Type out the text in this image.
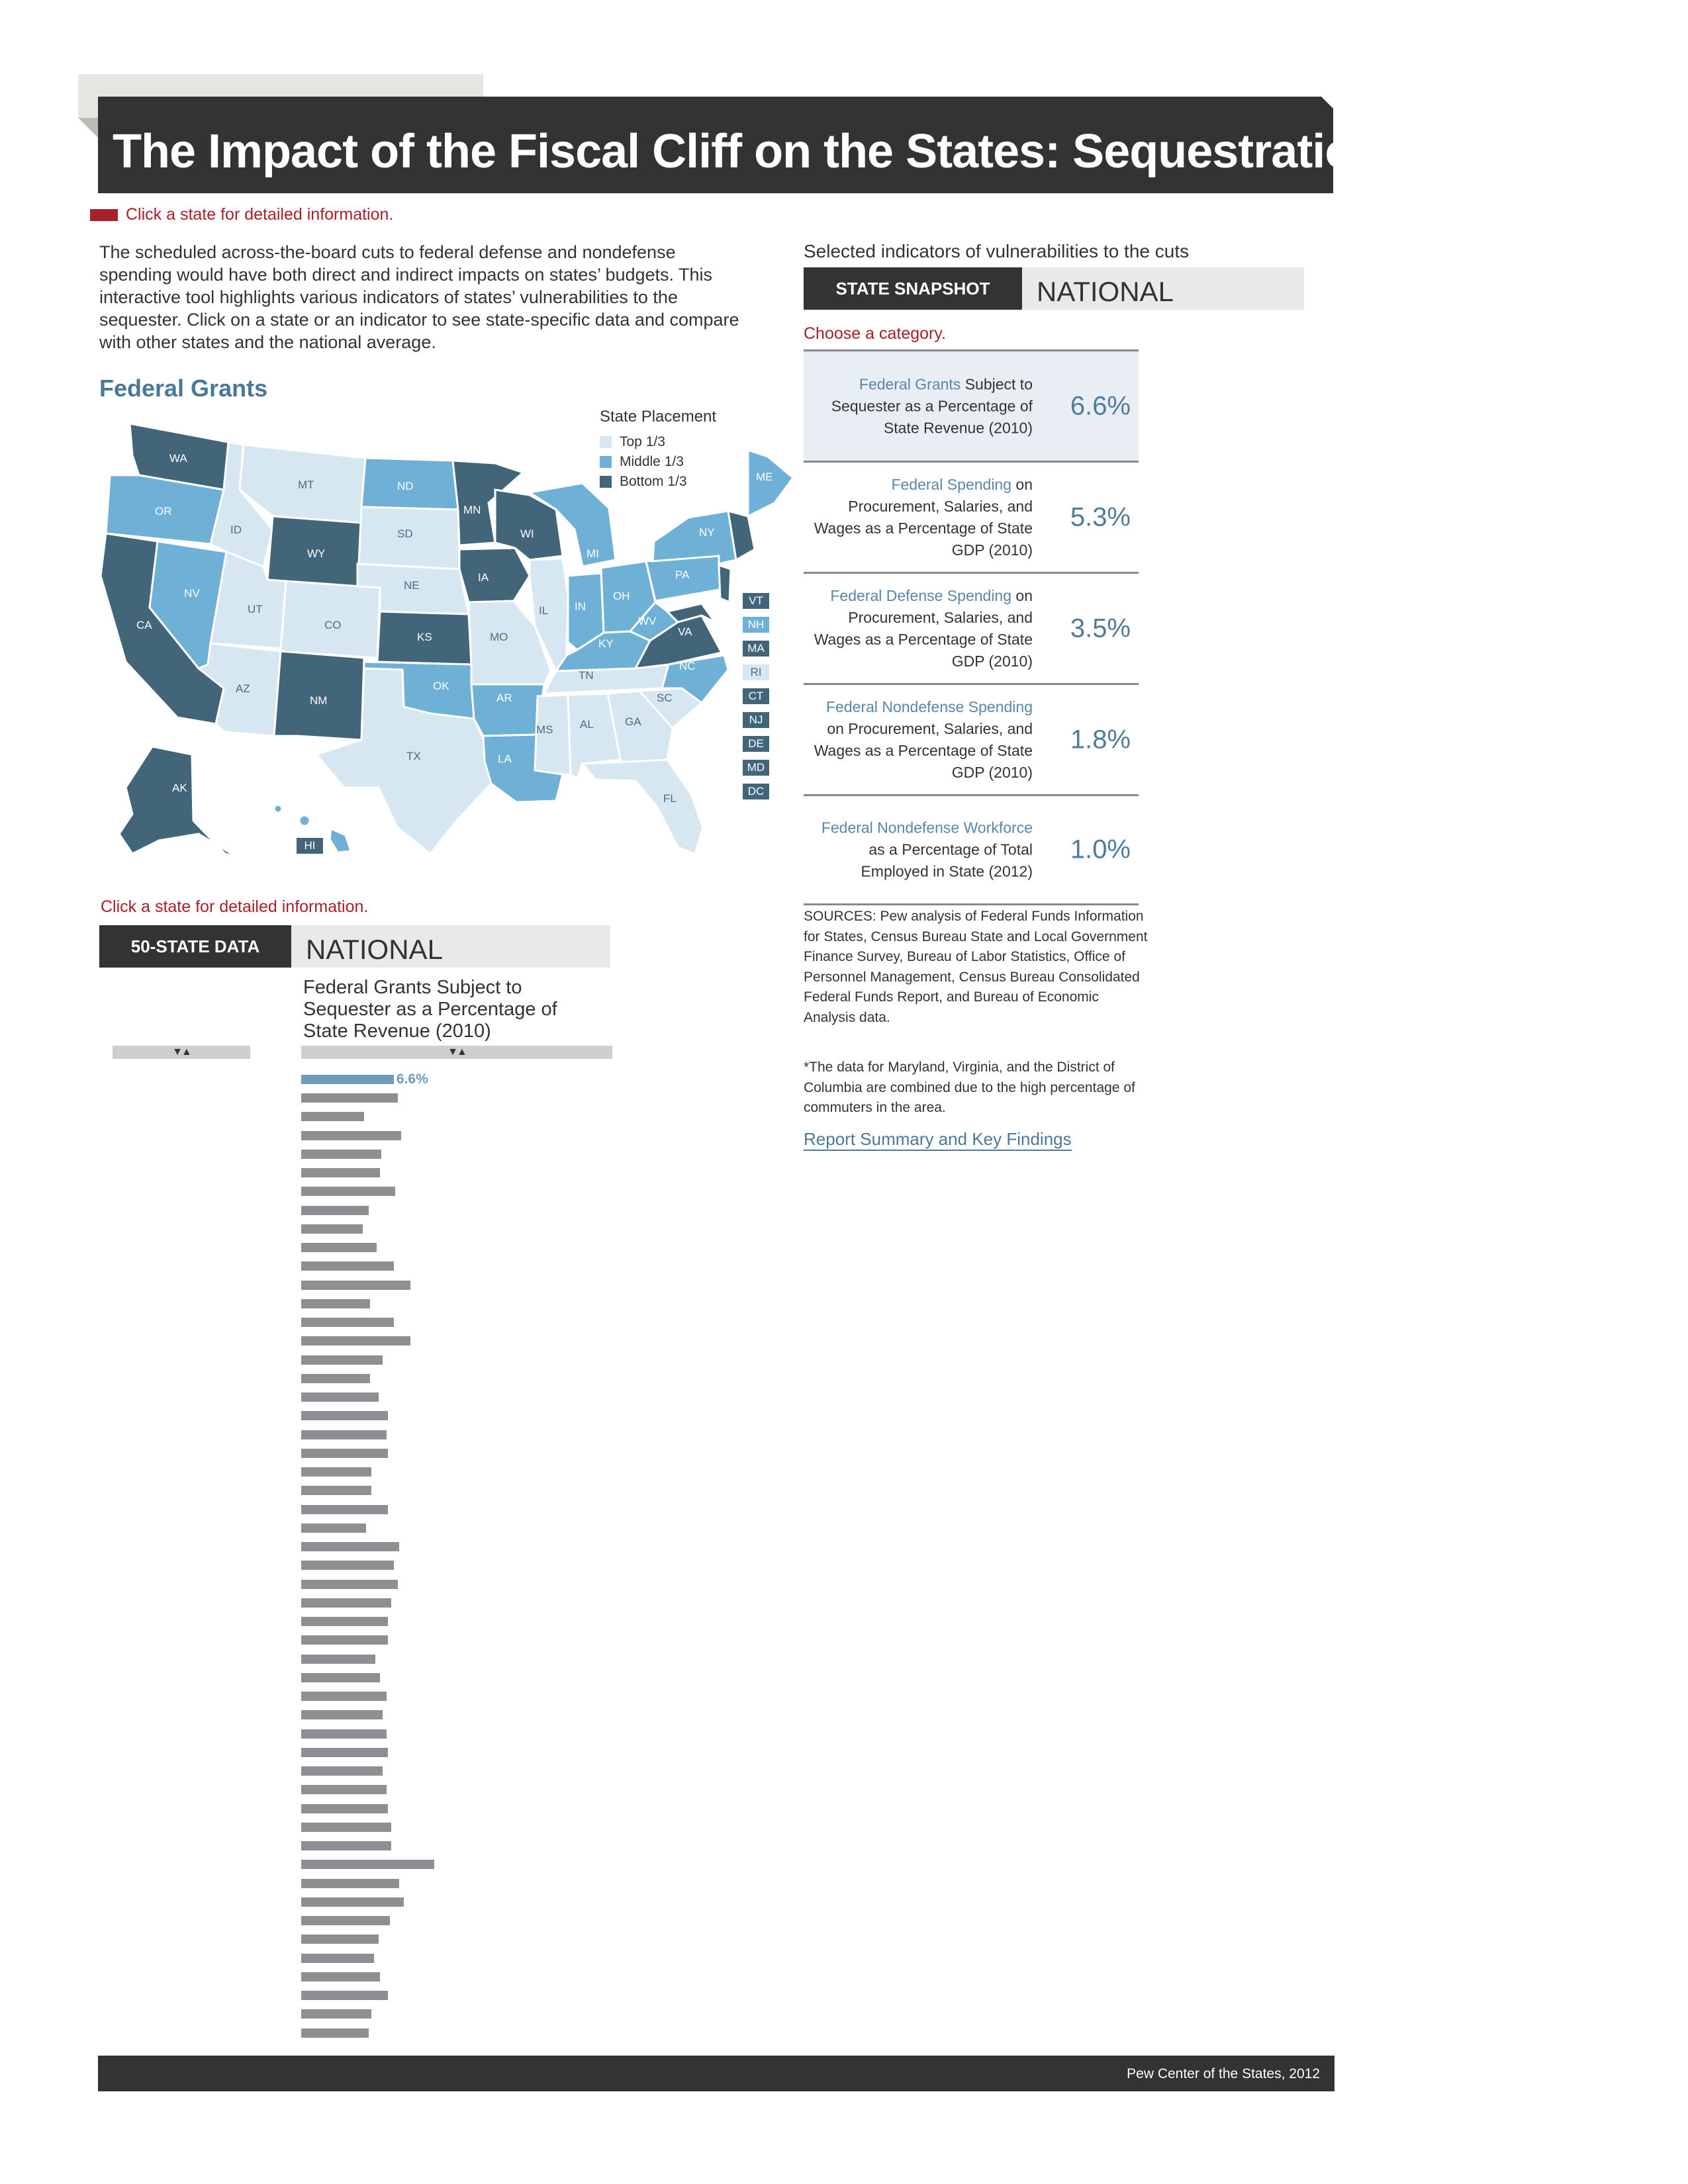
The Impact of the Fiscal Cliff on the States: Sequestration
Click a state for detailed information.
The scheduled across-the-board cuts to federal defense and nondefense spending would have both direct and indirect impacts on states’ budgets. This interactive tool highlights various indicators of states’ vulnerabilities to the sequester. Click on a state or an indicator to see state-specific data and compare with other states and the national average.
Federal Grants
State Placement
Top 1/3
Middle 1/3
Bottom 1/3
WA
OR
CA
NV
ID
MT
WY
UT
AZ
CO
NM
ND
SD
NE
KS
OK
TX
MN
IA
MO
AR
LA
WI
IL
MI
IN
OH
KY
TN
MS AL	GA
FL
SC
NC
VA
WV
PA
NY
ME
AK
HI
VT
NH
MA
RI
CT
NJ
DE
MD
DC
Click a state for detailed information.
50-STATE DATA	NATIONAL
Federal Grants Subject to Sequester as a Percentage of State Revenue (2010)
▼▲	▼▲
6.6%
Selected indicators of vulnerabilities to the cuts
STATE SNAPSHOT	NATIONAL
Choose a category.
Federal Grants Subject to Sequester as a Percentage of State Revenue (2010)
6.6%
Federal Spending on Procurement, Salaries, and Wages as a Percentage of State GDP (2010)
5.3%
Federal Defense Spending on Procurement, Salaries, and Wages as a Percentage of State GDP (2010)
3.5%
Federal Nondefense Spending on Procurement, Salaries, and Wages as a Percentage of State GDP (2010)
1.8%
Federal Nondefense Workforce as a Percentage of Total Employed in State (2012)
1.0%
SOURCES: Pew analysis of Federal Funds Information for States, Census Bureau State and Local Government Finance Survey, Bureau of Labor Statistics, Office of Personnel Management, Census Bureau Consolidated Federal Funds Report, and Bureau of Economic Analysis data.
*The data for Maryland, Virginia, and the District of Columbia are combined due to the high percentage of commuters in the area.
Report Summary and Key Findings
Pew Center of the States, 2012
